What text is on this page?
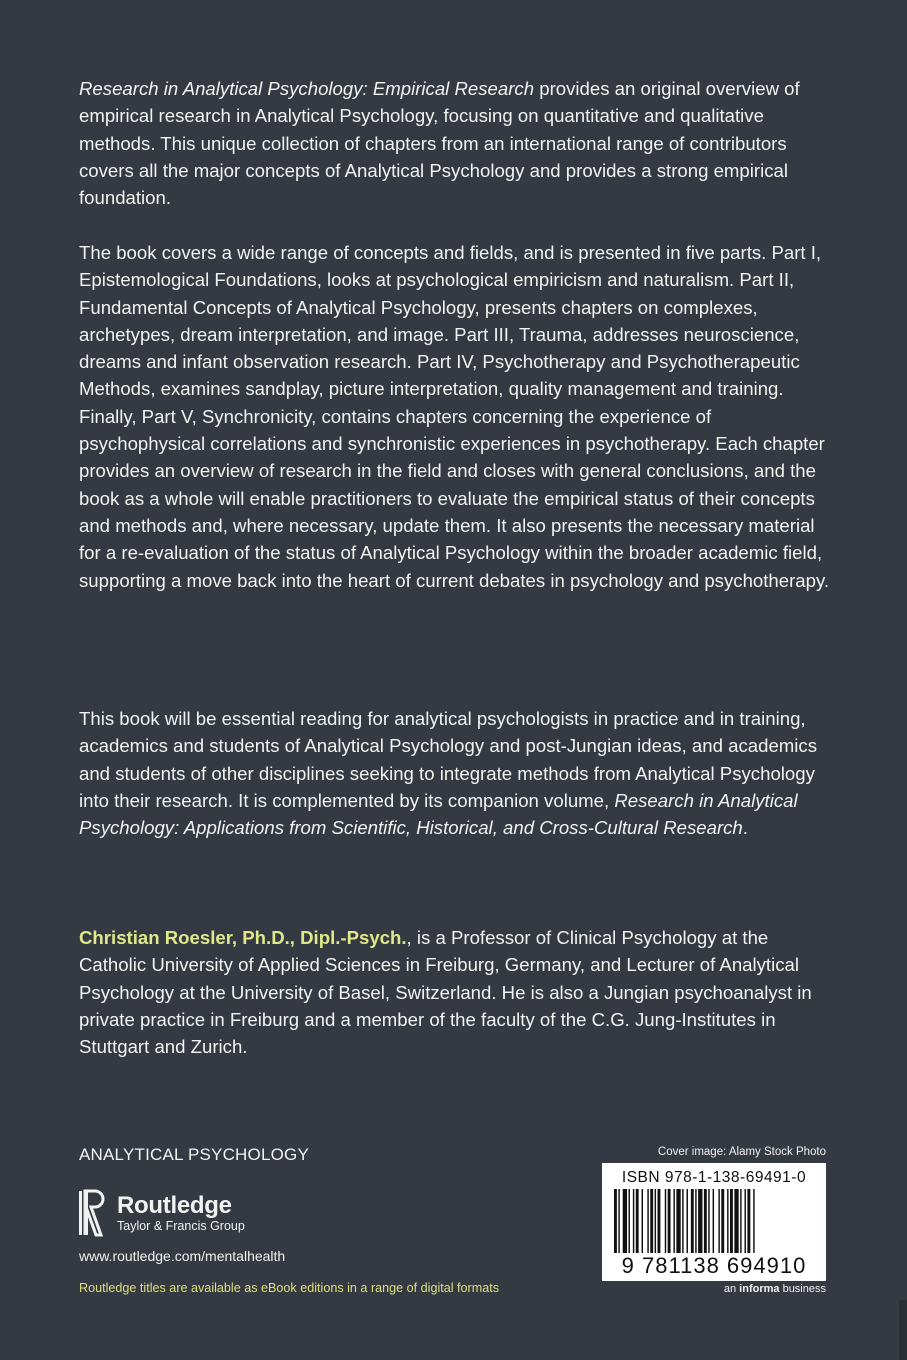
Research in Analytical Psychology: Empirical Research provides an original overview of empirical research in Analytical Psychology, focusing on quantitative and qualitative methods. This unique collection of chapters from an international range of contributors covers all the major concepts of Analytical Psychology and provides a strong empirical foundation.

The book covers a wide range of concepts and fields, and is presented in five parts. Part I, Epistemological Foundations, looks at psychological empiricism and naturalism. Part II, Fundamental Concepts of Analytical Psychology, presents chapters on complexes, archetypes, dream interpretation, and image. Part III, Trauma, addresses neuroscience, dreams and infant observation research. Part IV, Psychotherapy and Psychotherapeutic Methods, examines sandplay, picture interpretation, quality management and training. Finally, Part V, Synchronicity, contains chapters concerning the experience of psychophysical correlations and synchronistic experiences in psychotherapy. Each chapter provides an overview of research in the field and closes with general conclusions, and the book as a whole will enable practitioners to evaluate the empirical status of their concepts and methods and, where necessary, update them. It also presents the necessary material for a re-evaluation of the status of Analytical Psychology within the broader academic field, supporting a move back into the heart of current debates in psychology and psychotherapy.

This book will be essential reading for analytical psychologists in practice and in training, academics and students of Analytical Psychology and post-Jungian ideas, and academics and students of other disciplines seeking to integrate methods from Analytical Psychology into their research. It is complemented by its companion volume, Research in Analytical Psychology: Applications from Scientific, Historical, and Cross-Cultural Research.

Christian Roesler, Ph.D., Dipl.-Psych., is a Professor of Clinical Psychology at the Catholic University of Applied Sciences in Freiburg, Germany, and Lecturer of Analytical Psychology at the University of Basel, Switzerland. He is also a Jungian psychoanalyst in private practice in Freiburg and a member of the faculty of the C.G. Jung-Institutes in Stuttgart and Zurich.

ANALYTICAL PSYCHOLOGY
Routledge
Taylor & Francis Group
www.routledge.com/mentalhealth
Routledge titles are available as eBook editions in a range of digital formats
Cover image: Alamy Stock Photo
ISBN 978-1-138-69491-0
9 781138 694910
an informa business
